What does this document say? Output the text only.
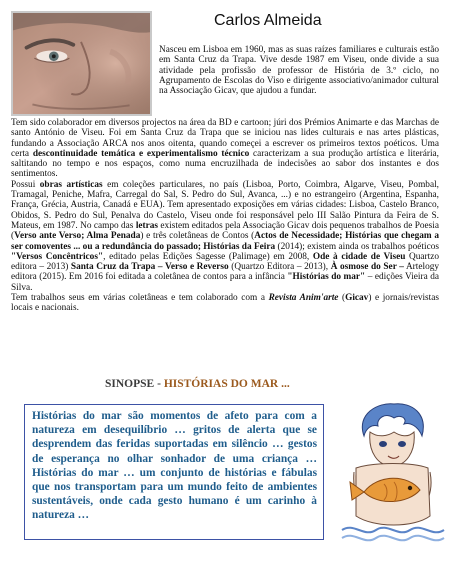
Carlos Almeida

Nasceu em Lisboa em 1960, mas as suas raízes familiares e culturais estão em Santa Cruz da Trapa. Vive desde 1987 em Viseu, onde divide a sua atividade pela profissão de professor de História de 3.º ciclo, no Agrupamento de Escolas do Viso e dirigente associativo/animador cultural na Associação Gicav, que ajudou a fundar.

Tem sido colaborador em diversos projectos na área da BD e cartoon; júri dos Prémios Animarte e das Marchas de santo António de Viseu. Foi em Santa Cruz da Trapa que se iniciou nas lides culturais e nas artes plásticas, fundando a Associação ARCA nos anos oitenta, quando começei a escrever os primeiros textos poéticos. Uma certa descontinuidade temática e experimentalismo técnico caracterizam a sua produção artística e literária, saltitando no tempo e nos espaços, como numa encruzilhada de indecisões ao sabor dos instantes e dos sentimentos.

Possui obras artísticas em coleções particulares, no país (Lisboa, Porto, Coimbra, Algarve, Viseu, Pombal, Tramagal, Peniche, Mafra, Carregal do Sal, S. Pedro do Sul, Avanca, ...) e no estrangeiro (Argentina, Espanha, França, Grécia, Austria, Canadá e EUA). Tem apresentado exposições em várias cidades: Lisboa, Castelo Branco, Obidos, S. Pedro do Sul, Penalva do Castelo, Viseu onde foi responsável pelo III Salão Pintura da Feira de S. Mateus, em 1987. No campo das letras existem editados pela Associação Gicav dois pequenos trabalhos de Poesia (Verso ante Verso; Alma Penada) e três coletâneas de Contos (Actos de Necessidade; Histórias que chegam a ser comoventes ... ou a redundância do passado; Histórias da Feira (2014); existem ainda os trabalhos poéticos "Versos Concêntricos", editado pelas Edições Sagesse (Palimage) em 2008, Ode à cidade de Viseu Quartzo editora – 2013) Santa Cruz da Trapa – Verso e Reverso (Quartzo Editora – 2013), À osmose do Ser – Artelogy editora (2015). Em 2016 foi editada a coletânea de contos para a infância "Histórias do mar" – edições Vieira da Silva.

Tem trabalhos seus em várias coletâneas e tem colaborado com a Revista Anim'arte (Gicav) e jornais/revistas locais e nacionais.

SINOPSE - HISTÓRIAS DO MAR ...

Histórias do mar são momentos de afeto para com a natureza em desequilíbrio … gritos de alerta que se desprendem das feridas suportadas em silêncio … gestos de esperança no olhar sonhador de uma criança … Histórias do mar … um conjunto de histórias e fábulas que nos transportam para um mundo feito de ambientes sustentáveis, onde cada gesto humano é um carinho à natureza …
